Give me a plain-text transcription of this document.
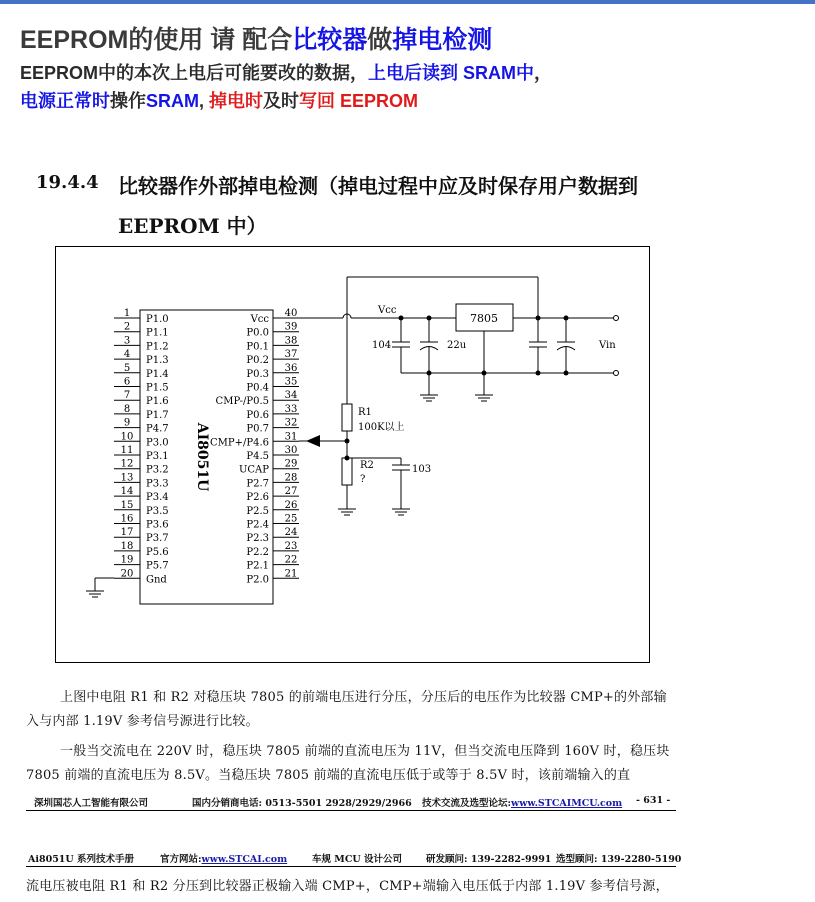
EEPROM的使用 请 配合比较器做掉电检测
EEPROM中的本次上电后可能要改的数据，上电后读到 SRAM中，
电源正常时操作SRAM, 掉电时及时写回 EEPROM
19.4.4 比较器作外部掉电检测（掉电过程中应及时保存用户数据到
EEPROM 中）
1
P1.0
2
P1.1
3
P1.2
4
P1.3
5
P1.4
6
P1.5
7
P1.6
8
P1.7
9
P4.7
10
P3.0
11
P3.1
12
P3.2
13
P3.3
14
P3.4
15
P3.5
16
P3.6
17
P3.7
18
P5.6
19
P5.7
20
Gnd
40
Vcc
39
P0.0
38
P0.1
37
P0.2
36
P0.3
35
P0.4
34
CMP-/P0.5
33
P0.6
32
P0.7
31
CMP+/P4.6
30
P4.5
29
UCAP
28
P2.7
27
P2.6
26
P2.5
25
P2.4
24
P2.3
23
P2.2
22
P2.1
21
P2.0
AI8051U
Vcc
7805
Vin
104	22u
R1
100K以上
R2
?
103
上图中电阻 R1 和 R2 对稳压块 7805 的前端电压进行分压，分压后的电压作为比较器 CMP+的外部输入与内部 1.19V 参考信号源进行比较。
一般当交流电在 220V 时，稳压块 7805 前端的直流电压为 11V，但当交流电压降到 160V 时，稳压块 7805 前端的直流电压为 8.5V。当稳压块 7805 前端的直流电压低于或等于 8.5V 时，该前端输入的直
深圳国芯人工智能有限公司	国内分销商电话: 0513-5501 2928/2929/2966 技术交流及选型论坛:www.STCAIMCU.com - 631 -
Ai8051U 系列技术手册	官方网站:www.STCAI.com	车规 MCU 设计公司	研发顾问: 139-2282-9991 选型顾问: 139-2280-5190
流电压被电阻 R1 和 R2 分压到比较器正极输入端 CMP+，CMP+端输入电压低于内部 1.19V 参考信号源，
